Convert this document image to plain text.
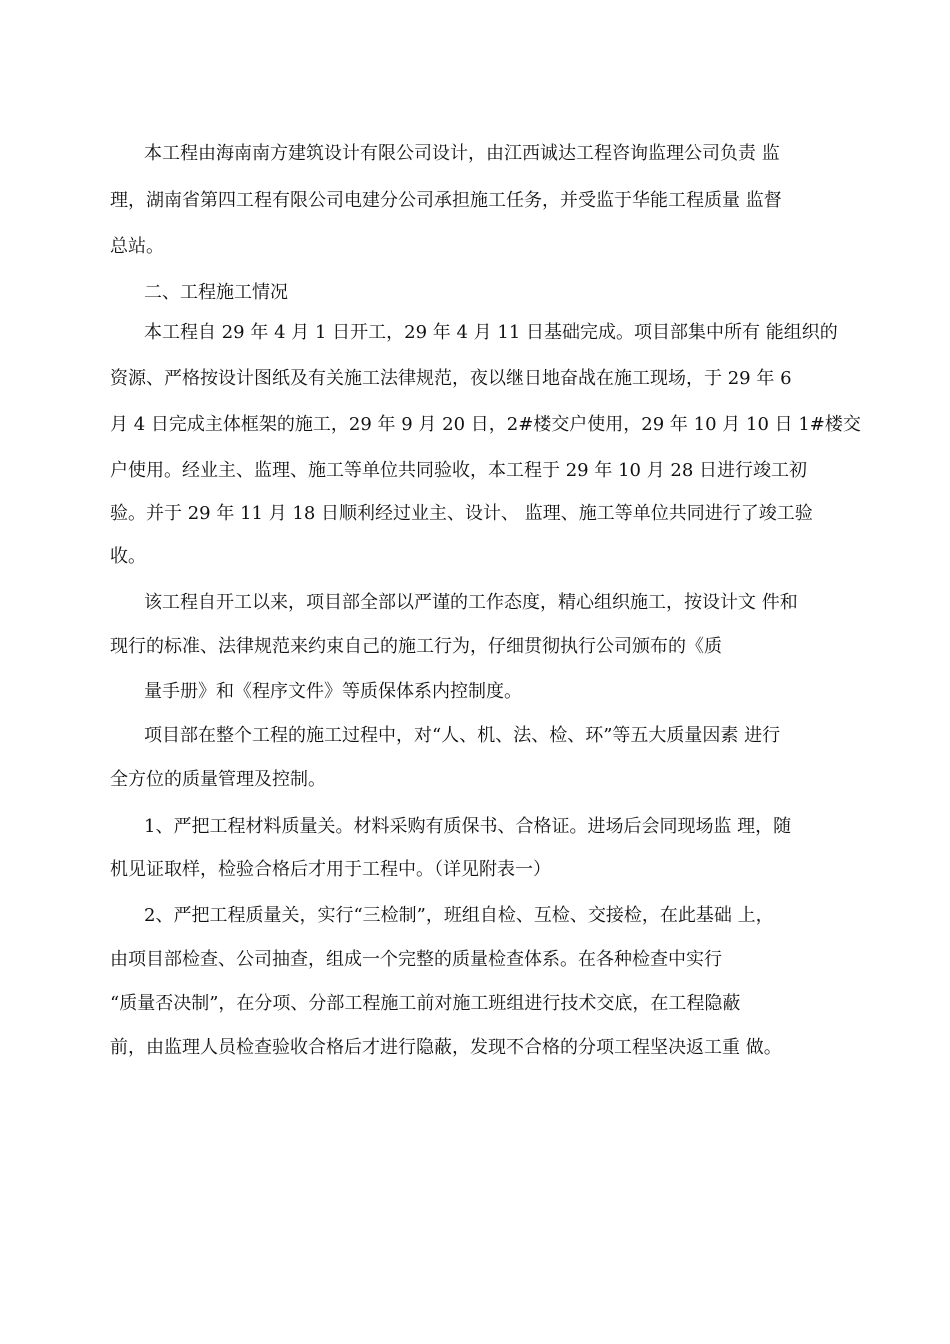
本工程由海南南方建筑设计有限公司设计，由江西诚达工程咨询监理公司负责 监
理，湖南省第四工程有限公司电建分公司承担施工任务，并受监于华能工程质量 监督
总站。
二、工程施工情况
本工程自 29 年 4 月 1 日开工，29 年 4 月 11 日基础完成。项目部集中所有 能组织的
资源、严格按设计图纸及有关施工法律规范，夜以继日地奋战在施工现场，于 29 年 6
月 4 日完成主体框架的施工，29 年 9 月 20 日，2#楼交户使用，29 年 10 月 10 日 1#楼交
户使用。经业主、监理、施工等单位共同验收，本工程于 29 年 10 月 28 日进行竣工初
验。并于 29 年 11 月 18 日顺利经过业主、设计、 监理、施工等单位共同进行了竣工验
收。
该工程自开工以来，项目部全部以严谨的工作态度，精心组织施工，按设计文 件和
现行的标准、法律规范来约束自己的施工行为，仔细贯彻执行公司颁布的《质
量手册》和《程序文件》等质保体系内控制度。
项目部在整个工程的施工过程中，对“人、机、法、检、环”等五大质量因素 进行
全方位的质量管理及控制。
1、严把工程材料质量关。材料采购有质保书、合格证。进场后会同现场监 理，随
机见证取样，检验合格后才用于工程中。（详见附表一）
2、严把工程质量关，实行“三检制”，班组自检、互检、交接检，在此基础 上，
由项目部检查、公司抽查，组成一个完整的质量检查体系。在各种检查中实行
“质量否决制”，在分项、分部工程施工前对施工班组进行技术交底，在工程隐蔽
前，由监理人员检查验收合格后才进行隐蔽，发现不合格的分项工程坚决返工重 做。
